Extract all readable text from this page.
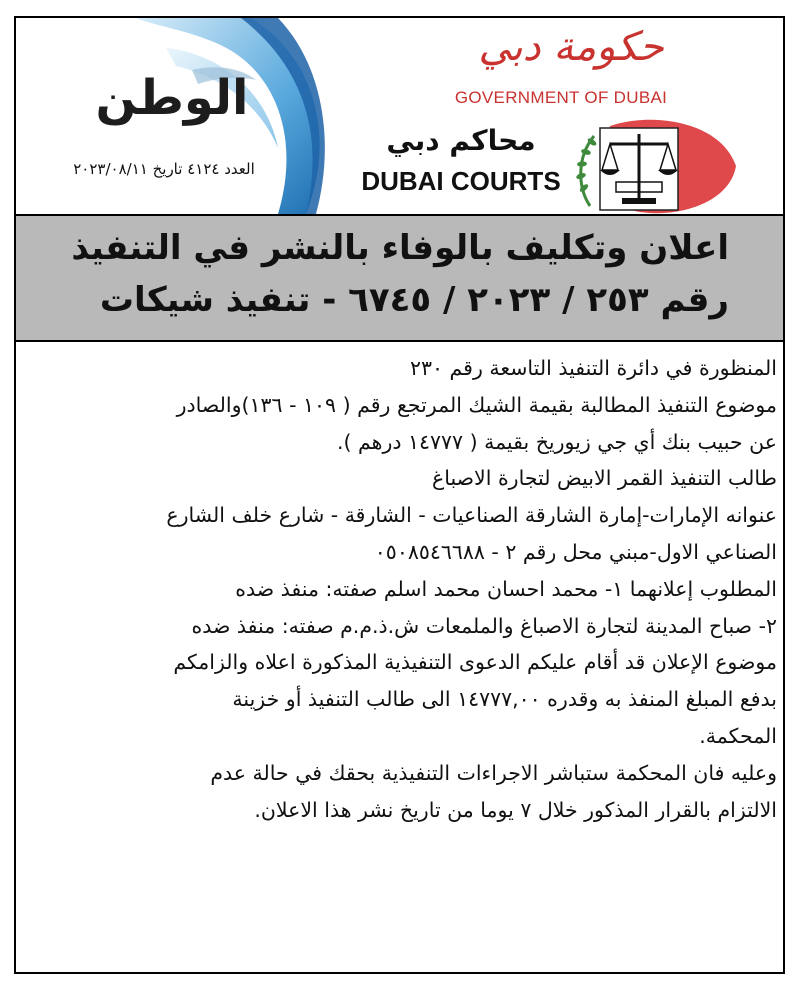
الوطن
العدد ٤١٢٤ تاريخ ٢٠٢٣/٠٨/١١
حكومة دبي
GOVERNMENT OF DUBAI
محاكم دبي
DUBAI COURTS
اعلان وتكليف بالوفاء بالنشر في التنفيذ
رقم ٢٥٣ / ٢٠٢٣ / ٦٧٤٥ - تنفيذ شيكات

المنظورة في دائرة التنفيذ التاسعة رقم ٢٣٠

موضوع التنفيذ المطالبة بقيمة الشيك المرتجع رقم ( ١٠٩ - ١٣٦)والصادر

عن حبيب بنك أي جي زيوريخ بقيمة ( ١٤٧٧٧ درهم ).

طالب التنفيذ القمر الابيض لتجارة الاصباغ

عنوانه الإمارات-إمارة الشارقة الصناعيات - الشارقة - شارع خلف الشارع

الصناعي الاول-مبني محل رقم ٢ - ٠٥٠٨٥٤٦٦٨٨

المطلوب إعلانهما ١- محمد احسان محمد اسلم صفته: منفذ ضده

٢- صباح المدينة لتجارة الاصباغ والملمعات ش.ذ.م.م صفته: منفذ ضده

موضوع الإعلان قد أقام عليكم الدعوى التنفيذية المذكورة اعلاه والزامكم

بدفع المبلغ المنفذ به وقدره ١٤٧٧٧,٠٠ الى طالب التنفيذ أو خزينة

المحكمة.

وعليه فان المحكمة ستباشر الاجراءات التنفيذية بحقك في حالة عدم

الالتزام بالقرار المذكور خلال ٧ يوما من تاريخ نشر هذا الاعلان.
